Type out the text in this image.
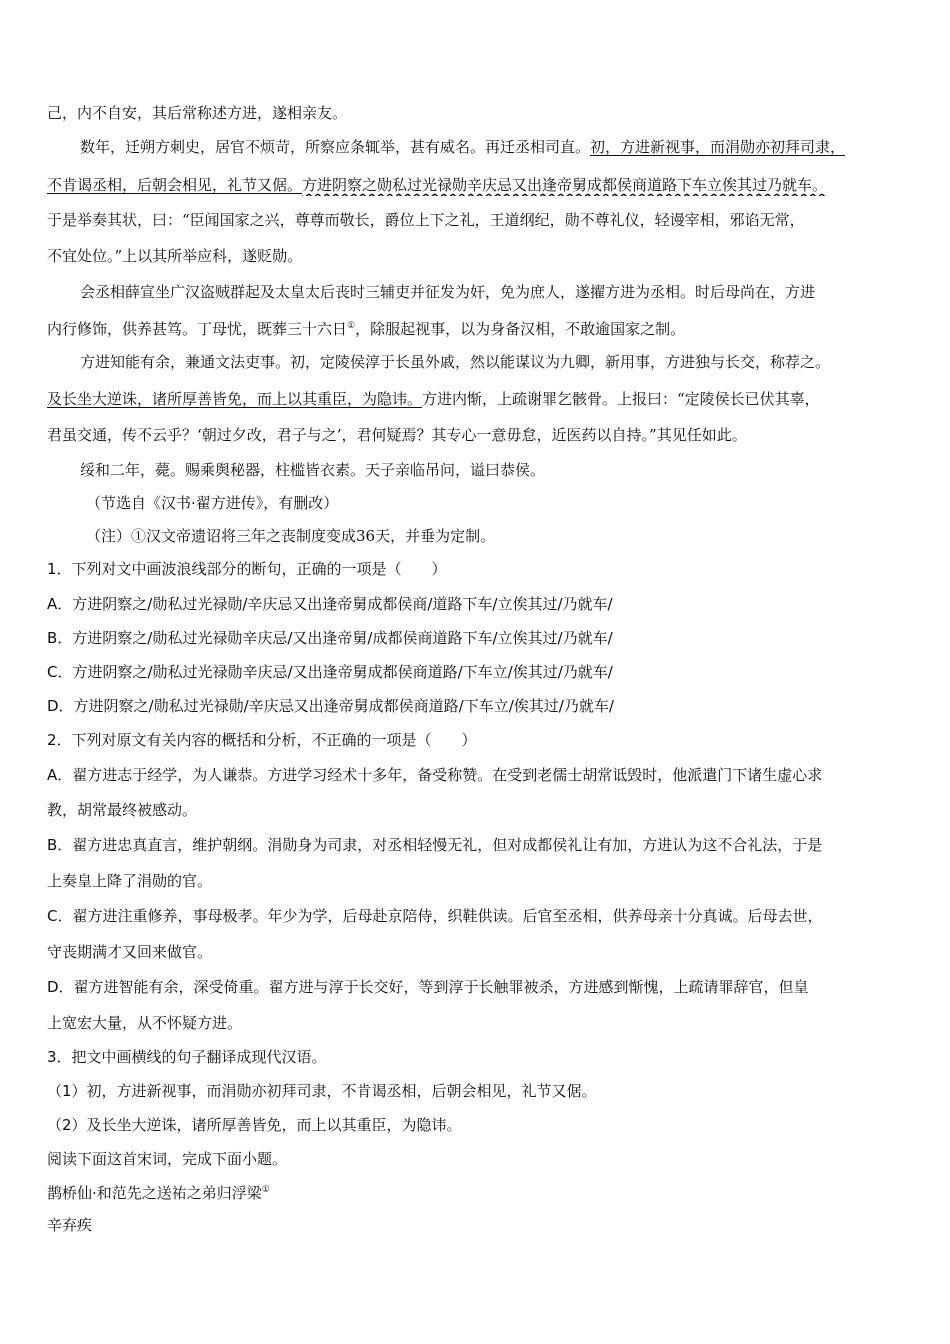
己，内不自安，其后常称述方进，遂相亲友。
数年，迁朔方刺史，居官不烦苛，所察应条辄举，甚有威名。再迁丞相司直。初，方进新视事，而涓勋亦初拜司隶，
不肯谒丞相，后朝会相见，礼节又倨。方进阴察之勋私过光禄勋辛庆忌又出逢帝舅成都侯商道路下车立俟其过乃就车。
于是举奏其状，曰：“臣闻国家之兴，尊尊而敬长，爵位上下之礼，王道纲纪，勋不尊礼仪，轻谩宰相，邪谄无常，
不宜处位。”上以其所举应科，遂贬勋。
会丞相薛宣坐广汉盗贼群起及太皇太后丧时三辅吏并征发为奸，免为庶人，遂擢方进为丞相。时后母尚在，方进
内行修饰，供养甚笃。丁母忧，既葬三十六日①，除服起视事，以为身备汉相，不敢逾国家之制。
方进知能有余，兼通文法吏事。初，定陵侯淳于长虽外戚，然以能谋议为九卿，新用事，方进独与长交，称荐之。
及长坐大逆诛，诸所厚善皆免，而上以其重臣，为隐讳。方进内惭，上疏谢罪乞骸骨。上报曰：“定陵侯长已伏其辜，
君虽交通，传不云乎？‘朝过夕改，君子与之’，君何疑焉？其专心一意毋怠，近医药以自持。”其见任如此。
绥和二年，薨。赐乘舆秘器，柱槛皆衣素。天子亲临吊问，谥曰恭侯。
（节选自《汉书·翟方进传》，有删改）
（注）①汉文帝遗诏将三年之丧制度变成36天，并垂为定制。
1．下列对文中画波浪线部分的断句，正确的一项是（　　）
A．方进阴察之/勋私过光禄勋/辛庆忌又出逢帝舅成都侯商/道路下车/立俟其过/乃就车/
B．方进阴察之/勋私过光禄勋辛庆忌/又出逢帝舅/成都侯商道路下车/立俟其过/乃就车/
C．方进阴察之/勋私过光禄勋辛庆忌/又出逢帝舅成都侯商道路/下车立/俟其过/乃就车/
D．方进阴察之/勋私过光禄勋/辛庆忌又出逢帝舅成都侯商道路/下车立/俟其过/乃就车/
2．下列对原文有关内容的概括和分析，不正确的一项是（　　）
A．翟方进志于经学，为人谦恭。方进学习经术十多年，备受称赞。在受到老儒士胡常诋毁时，他派遣门下诸生虚心求
教，胡常最终被感动。
B．翟方进忠真直言，维护朝纲。涓勋身为司隶，对丞相轻慢无礼，但对成都侯礼让有加，方进认为这不合礼法，于是
上奏皇上降了涓勋的官。
C．翟方进注重修养，事母极孝。年少为学，后母赴京陪侍，织鞋供读。后官至丞相，供养母亲十分真诚。后母去世，
守丧期满才又回来做官。
D．翟方进智能有余，深受倚重。翟方进与淳于长交好，等到淳于长触罪被杀，方进感到惭愧，上疏请罪辞官，但皇
上宽宏大量，从不怀疑方进。
3．把文中画横线的句子翻译成现代汉语。
（1）初，方进新视事，而涓勋亦初拜司隶，不肯谒丞相，后朝会相见，礼节又倨。
（2）及长坐大逆诛，诸所厚善皆免，而上以其重臣，为隐讳。
阅读下面这首宋词，完成下面小题。
鹊桥仙·和范先之送祐之弟归浮梁①
辛弃疾
